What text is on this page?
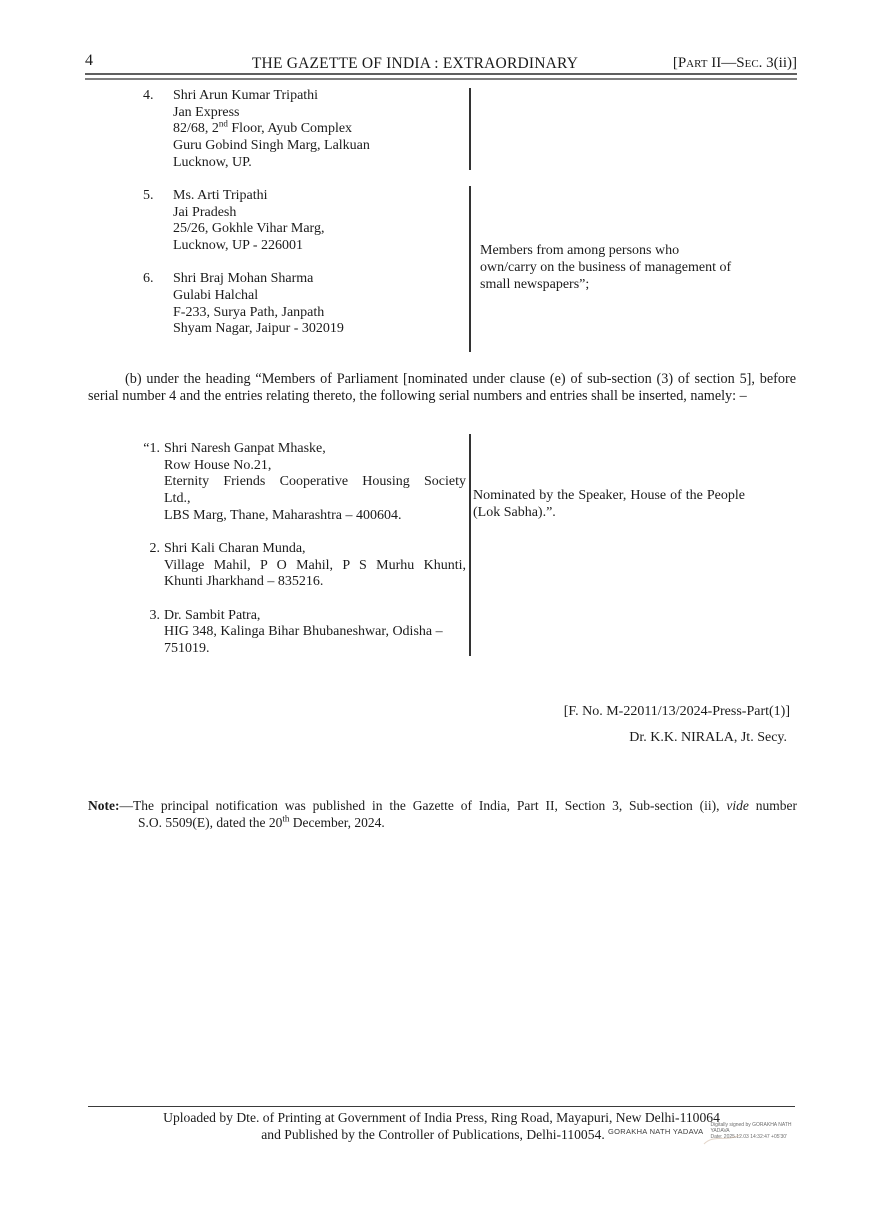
4	THE GAZETTE OF INDIA : EXTRAORDINARY	[Part II—Sec. 3(ii)]
4.	Shri Arun Kumar Tripathi
Jan Express
82/68, 2nd Floor, Ayub Complex
Guru Gobind Singh Marg, Lalkuan
Lucknow, UP.
5.	Ms. Arti Tripathi
Jai Pradesh
25/26, Gokhle Vihar Marg,
Lucknow, UP - 226001
6.	Shri Braj Mohan Sharma
Gulabi Halchal
F-233, Surya Path, Janpath
Shyam Nagar, Jaipur - 302019
Members from among persons who own/carry on the business of management of small newspapers”;
(b) under the heading “Members of Parliament [nominated under clause (e) of sub-section (3) of section 5], before serial number 4 and the entries relating thereto, the following serial numbers and entries shall be inserted, namely: –
“1. Shri Naresh Ganpat Mhaske,
Row House No.21,
Eternity Friends Cooperative Housing Society
Ltd.,
LBS Marg, Thane, Maharashtra – 400604.
2. Shri Kali Charan Munda,
Village Mahil, P O Mahil, P S Murhu Khunti,
Khunti Jharkhand – 835216.
3. Dr. Sambit Patra,
HIG 348, Kalinga Bihar Bhubaneshwar, Odisha –
751019.
Nominated by the Speaker, House of the People (Lok Sabha).”.
[F. No. M-22011/13/2024-Press-Part(1)]
Dr. K.K. NIRALA, Jt. Secy.
Note:—The principal notification was published in the Gazette of India, Part II, Section 3, Sub-section (ii), vide number
S.O. 5509(E), dated the 20th December, 2024.
Uploaded by Dte. of Printing at Government of India Press, Ring Road, Mayapuri, New Delhi-110064
and Published by the Controller of Publications, Delhi-110054. GORAKHA NATH YADAVA
Digitally signed by GORAKHA NATH
YADAVA
Date: 2025.12.03 14:32:47 +05'30'
